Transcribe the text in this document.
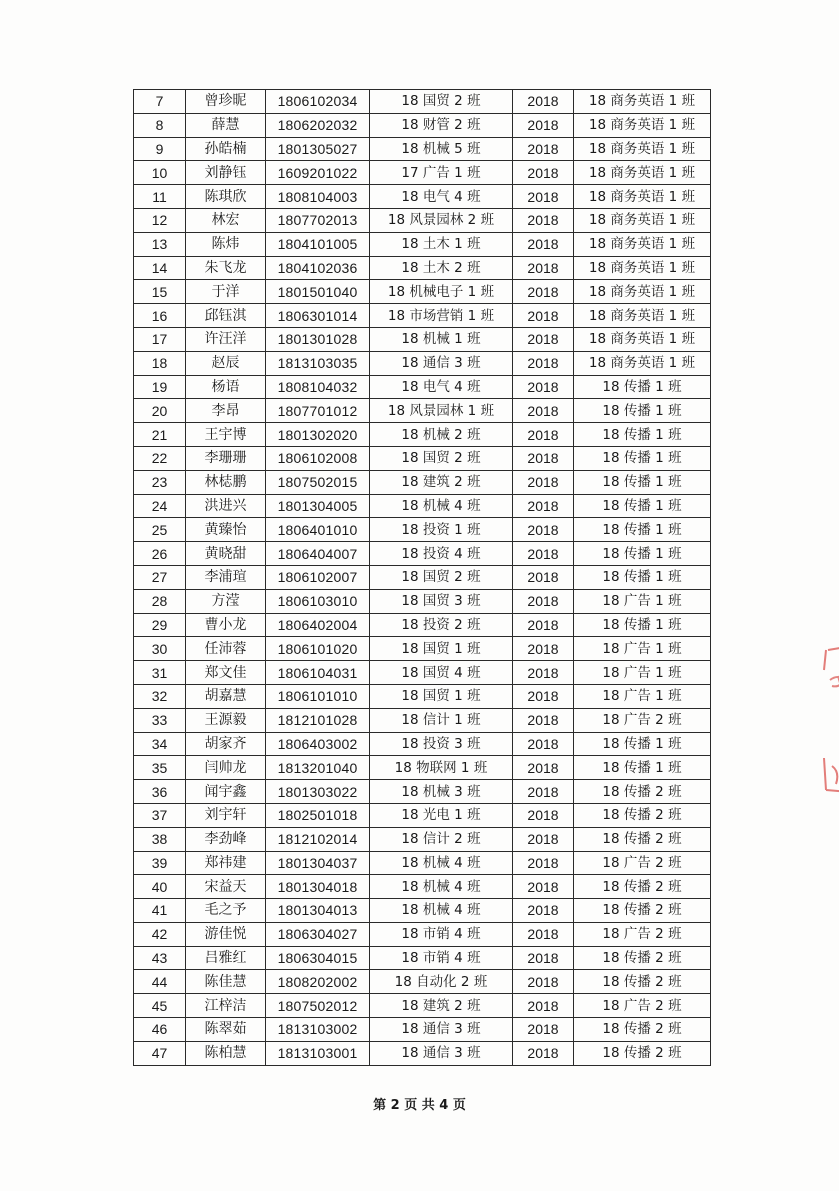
7	曾珍昵	1806102034	18 国贸 2 班	2018	18 商务英语 1 班
8	薛慧	1806202032	18 财管 2 班	2018	18 商务英语 1 班
9	孙皓楠	1801305027	18 机械 5 班	2018	18 商务英语 1 班
10	刘静钰	1609201022	17 广告 1 班	2018	18 商务英语 1 班
11	陈琪欣	1808104003	18 电气 4 班	2018	18 商务英语 1 班
12	林宏	1807702013	18 风景园林 2 班	2018	18 商务英语 1 班
13	陈炜	1804101005	18 土木 1 班	2018	18 商务英语 1 班
14	朱飞龙	1804102036	18 土木 2 班	2018	18 商务英语 1 班
15	于洋	1801501040	18 机械电子 1 班	2018	18 商务英语 1 班
16	邱钰淇	1806301014	18 市场营销 1 班	2018	18 商务英语 1 班
17	许汪洋	1801301028	18 机械 1 班	2018	18 商务英语 1 班
18	赵辰	1813103035	18 通信 3 班	2018	18 商务英语 1 班
19	杨语	1808104032	18 电气 4 班	2018	18 传播 1 班
20	李昂	1807701012	18 风景园林 1 班	2018	18 传播 1 班
21	王宇博	1801302020	18 机械 2 班	2018	18 传播 1 班
22	李珊珊	1806102008	18 国贸 2 班	2018	18 传播 1 班
23	林梽鹏	1807502015	18 建筑 2 班	2018	18 传播 1 班
24	洪进兴	1801304005	18 机械 4 班	2018	18 传播 1 班
25	黄臻怡	1806401010	18 投资 1 班	2018	18 传播 1 班
26	黄晓甜	1806404007	18 投资 4 班	2018	18 传播 1 班
27	李浦瑄	1806102007	18 国贸 2 班	2018	18 传播 1 班
28	方滢	1806103010	18 国贸 3 班	2018	18 广告 1 班
29	曹小龙	1806402004	18 投资 2 班	2018	18 传播 1 班
30	任沛蓉	1806101020	18 国贸 1 班	2018	18 广告 1 班
31	郑文佳	1806104031	18 国贸 4 班	2018	18 广告 1 班
32	胡嘉慧	1806101010	18 国贸 1 班	2018	18 广告 1 班
33	王源毅	1812101028	18 信计 1 班	2018	18 广告 2 班
34	胡家齐	1806403002	18 投资 3 班	2018	18 传播 1 班
35	闫帅龙	1813201040	18 物联网 1 班	2018	18 传播 1 班
36	闻宇鑫	1801303022	18 机械 3 班	2018	18 传播 2 班
37	刘宇轩	1802501018	18 光电 1 班	2018	18 传播 2 班
38	李劲峰	1812102014	18 信计 2 班	2018	18 传播 2 班
39	郑祎建	1801304037	18 机械 4 班	2018	18 广告 2 班
40	宋益天	1801304018	18 机械 4 班	2018	18 传播 2 班
41	毛之予	1801304013	18 机械 4 班	2018	18 传播 2 班
42	游佳悦	1806304027	18 市销 4 班	2018	18 广告 2 班
43	吕雅红	1806304015	18 市销 4 班	2018	18 传播 2 班
44	陈佳慧	1808202002	18 自动化 2 班	2018	18 传播 2 班
45	江梓洁	1807502012	18 建筑 2 班	2018	18 广告 2 班
46	陈翠茹	1813103002	18 通信 3 班	2018	18 传播 2 班
47	陈柏慧	1813103001	18 通信 3 班	2018	18 传播 2 班
第 2 页 共 4 页
